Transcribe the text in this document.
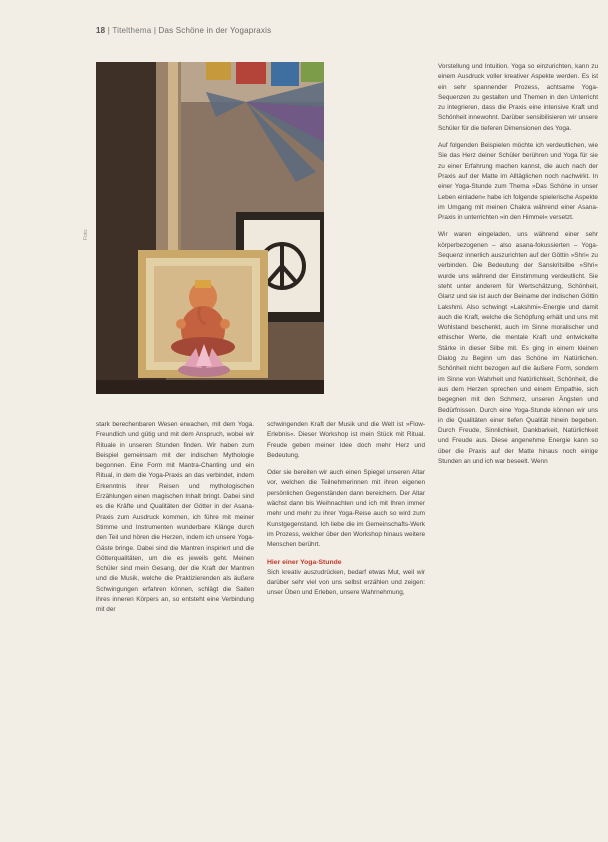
18 | Titelthema | Das Schöne in der Yogapraxis
Foto:

stark berechenbaren Wesen erwachen, mit dem Yoga. Freundlich und gütig und mit dem Anspruch, wobei wir Rituale in unseren Stunden finden. Wir haben zum Beispiel gemeinsam mit der indischen Mythologie begonnen. Eine Form mit Mantra-Chanting und ein Ritual, in dem die Yoga-Praxis an das verbindet, indem Erkenntnis ihrer Reisen und mythologischen Erzählungen einen magischen Inhalt bringt. Dabei sind es die Kräfte und Qualitäten der Götter in der Asana-Praxis zum Ausdruck kommen, ich führe mit meiner Stimme und Instrumenten wunderbare Klänge durch den Teil und hören die Herzen, indem ich unsere Yoga-Gäste bringe. Dabei sind die Mantren inspiriert und die Götterqualitäten, um die es jeweils geht. Meinen Schüler sind mein Gesang, der die Kraft der Mantren und die Musik, welche die Praktizierenden als äußere Schwingungen erfahren können, schlägt die Saiten ihres inneren Körpers an, so entsteht eine Verbindung mit der

schwingenden Kraft der Musik und die Welt ist »Flow-Erlebnis«. Dieser Workshop ist mein Stück mit Ritual. Freude geben meiner Idee doch mehr Herz und Bedeutung.

Oder sie bereiten wir auch einen Spiegel unseren Altar vor, welchen die Teilnehmerinnen mit ihren eigenen persönlichen Gegenständen dann bereichern. Der Altar wächst dann bis Weihnachten und ich mit Ihren immer mehr und mehr zu ihrer Yoga-Reise auch so wird zum Kunstgegenstand. Ich liebe die im Gemeinschafts-Werk im Prozess, welcher über den Workshop hinaus weitere Menschen berührt.

Hier einer Yoga-Stunde

Sich kreativ auszudrücken, bedarf etwas Mut, weil wir darüber sehr viel von uns selbst erzählen und zeigen: unser Üben und Erleben, unsere Wahrnehmung,

Vorstellung und Intuition. Yoga so einzurichten, kann zu einem Ausdruck voller kreativer Aspekte werden. Es ist ein sehr spannender Prozess, achtsame Yoga-Sequenzen zu gestalten und Themen in den Unterricht zu integrieren, dass die Praxis eine intensive Kraft und Schönheit innewohnt. Darüber sensibilisieren wir unsere Schüler für die tieferen Dimensionen des Yoga.

Auf folgenden Beispielen möchte ich verdeutlichen, wie Sie das Herz deiner Schüler berühren und Yoga für sie zu einer Erfahrung machen kannst, die auch nach der Praxis auf der Matte im Alltäglichen noch nachwirkt. In einer Yoga-Stunde zum Thema »Das Schöne in unser Leben einladen« habe ich folgende spielerische Aspekte im Umgang mit meinen Chakra während einer Asana-Praxis in unterrichten »in den Himmel« versetzt.

Wir waren eingeladen, uns während einer sehr körperbezogenen – also asana-fokussierten – Yoga-Sequenz innerlich auszurichten auf der Göttin »Shri« zu verbinden. Die Bedeutung der Sanskritsilbe »Shri« wurde uns während der Einstimmung verdeutlicht. Sie steht unter anderem für Wertschätzung, Schönheit, Glanz und sie ist auch der Beiname der indischen Göttin Lakshmi. Also schwingt »Lakshmi«-Energie und damit auch die Kraft, welche die Schöpfung erhält und uns mit Wohlstand beschenkt, auch im Sinne moralischer und ethischer Werte, die mentale Kraft und entwickelte Stärke in dieser Silbe mit. Es ging in einem kleinen Dialog zu Beginn um das Schöne im Natürlichen. Schönheit nicht bezogen auf die äußere Form, sondern im Sinne von Wahrheit und Natürlichkeit, Schönheit, die aus dem Herzen sprechen und einem Empathie, sich begegnen mit den Schmerz, unseren Ängsten und Bedürfnissen. Durch eine Yoga-Stunde können wir uns in die Qualitäten einer tiefen Qualität hinein begeben. Durch Freude, Sinnlichkeit, Dankbarkeit, Natürlichkeit und Freude aus. Diese angenehme Energie kann so über die Praxis auf der Matte hinaus noch einige Stunden an und ich war beseelt. Wenn
